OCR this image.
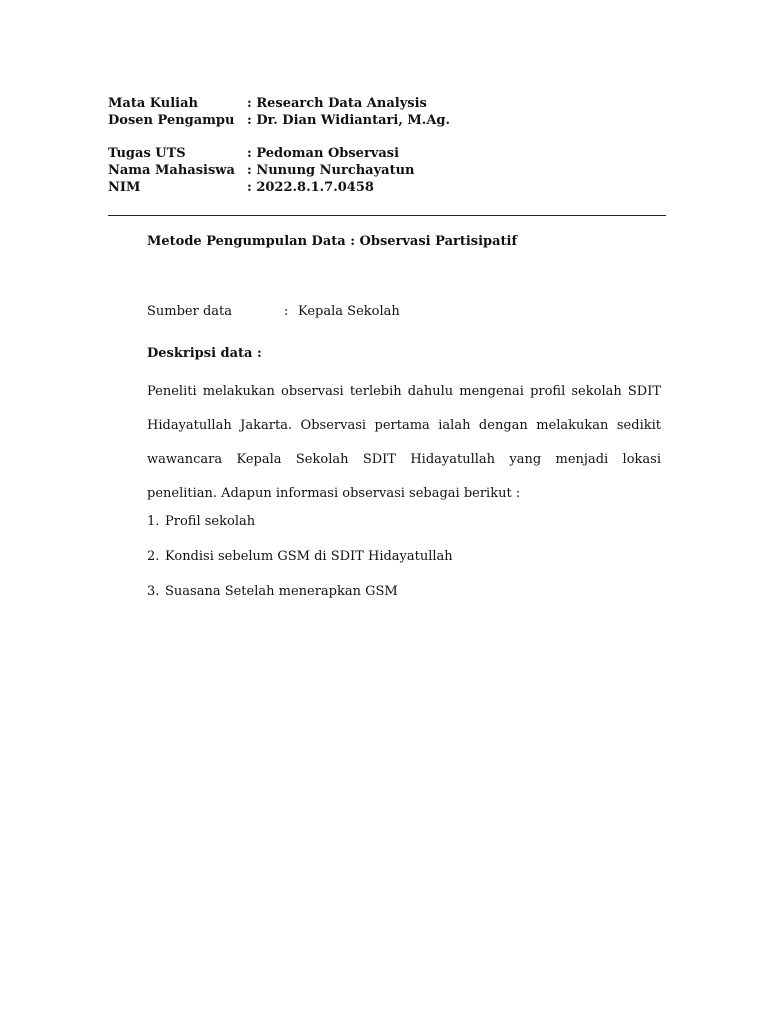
Mata Kuliah	: Research Data Analysis
Dosen Pengampu : Dr. Dian Widiantari, M.Ag.
Tugas UTS	: Pedoman Observasi
Nama Mahasiswa : Nunung Nurchayatun
NIM	: 2022.8.1.7.0458
Metode Pengumpulan Data : Observasi Partisipatif
Sumber data	: Kepala Sekolah
Deskripsi data :
Peneliti melakukan observasi terlebih dahulu mengenai profil sekolah SDIT Hidayatullah Jakarta. Observasi pertama ialah dengan melakukan sedikit wawancara Kepala Sekolah SDIT Hidayatullah yang menjadi lokasi penelitian. Adapun informasi observasi sebagai berikut :
1. Profil sekolah
2. Kondisi sebelum GSM di SDIT Hidayatullah
3. Suasana Setelah menerapkan GSM
